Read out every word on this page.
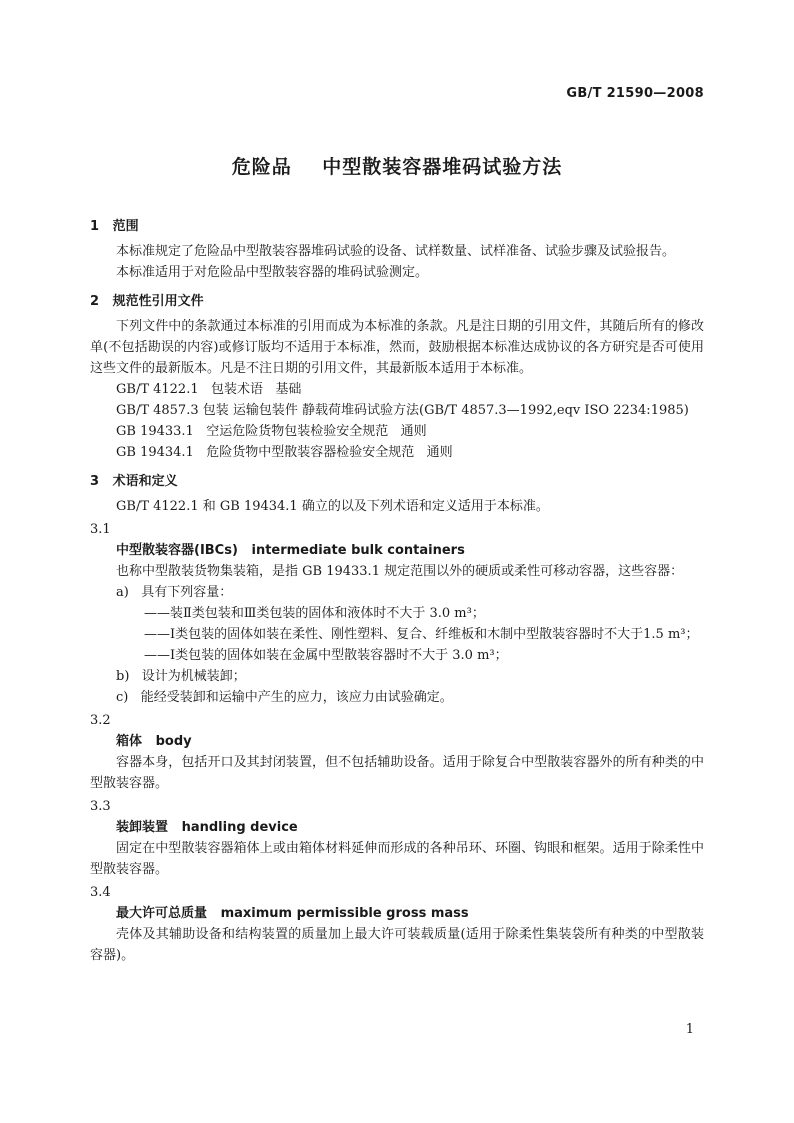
GB/T 21590—2008
危险品    中型散装容器堆码试验方法
1   范围
本标准规定了危险品中型散装容器堆码试验的设备、试样数量、试样准备、试验步骤及试验报告。
本标准适用于对危险品中型散装容器的堆码试验测定。
2   规范性引用文件
下列文件中的条款通过本标准的引用而成为本标准的条款。凡是注日期的引用文件，其随后所有的修改单(不包括勘误的内容)或修订版均不适用于本标准，然而，鼓励根据本标准达成协议的各方研究是否可使用这些文件的最新版本。凡是不注日期的引用文件，其最新版本适用于本标准。
GB/T 4122.1   包装术语   基础
GB/T 4857.3 包装 运输包装件 静载荷堆码试验方法(GB/T 4857.3—1992,eqv ISO 2234:1985)
GB 19433.1   空运危险货物包装检验安全规范   通则
GB 19434.1   危险货物中型散装容器检验安全规范   通则
3   术语和定义
GB/T 4122.1 和 GB 19434.1 确立的以及下列术语和定义适用于本标准。
3.1
中型散装容器(IBCs)   intermediate bulk containers
也称中型散装货物集装箱，是指 GB 19433.1 规定范围以外的硬质或柔性可移动容器，这些容器：
a)   具有下列容量：
——装Ⅱ类包装和Ⅲ类包装的固体和液体时不大于 3.0 m³；
——Ⅰ类包装的固体如装在柔性、刚性塑料、复合、纤维板和木制中型散装容器时不大于1.5 m³；
——Ⅰ类包装的固体如装在金属中型散装容器时不大于 3.0 m³；
b)   设计为机械装卸；
c)   能经受装卸和运输中产生的应力，该应力由试验确定。
3.2
箱体   body
容器本身，包括开口及其封闭装置，但不包括辅助设备。适用于除复合中型散装容器外的所有种类的中型散装容器。
3.3
装卸装置   handling device
固定在中型散装容器箱体上或由箱体材料延伸而形成的各种吊环、环圈、钩眼和框架。适用于除柔性中型散装容器。
3.4
最大许可总质量   maximum permissible gross mass
壳体及其辅助设备和结构装置的质量加上最大许可装载质量(适用于除柔性集装袋所有种类的中型散装容器)。
1
